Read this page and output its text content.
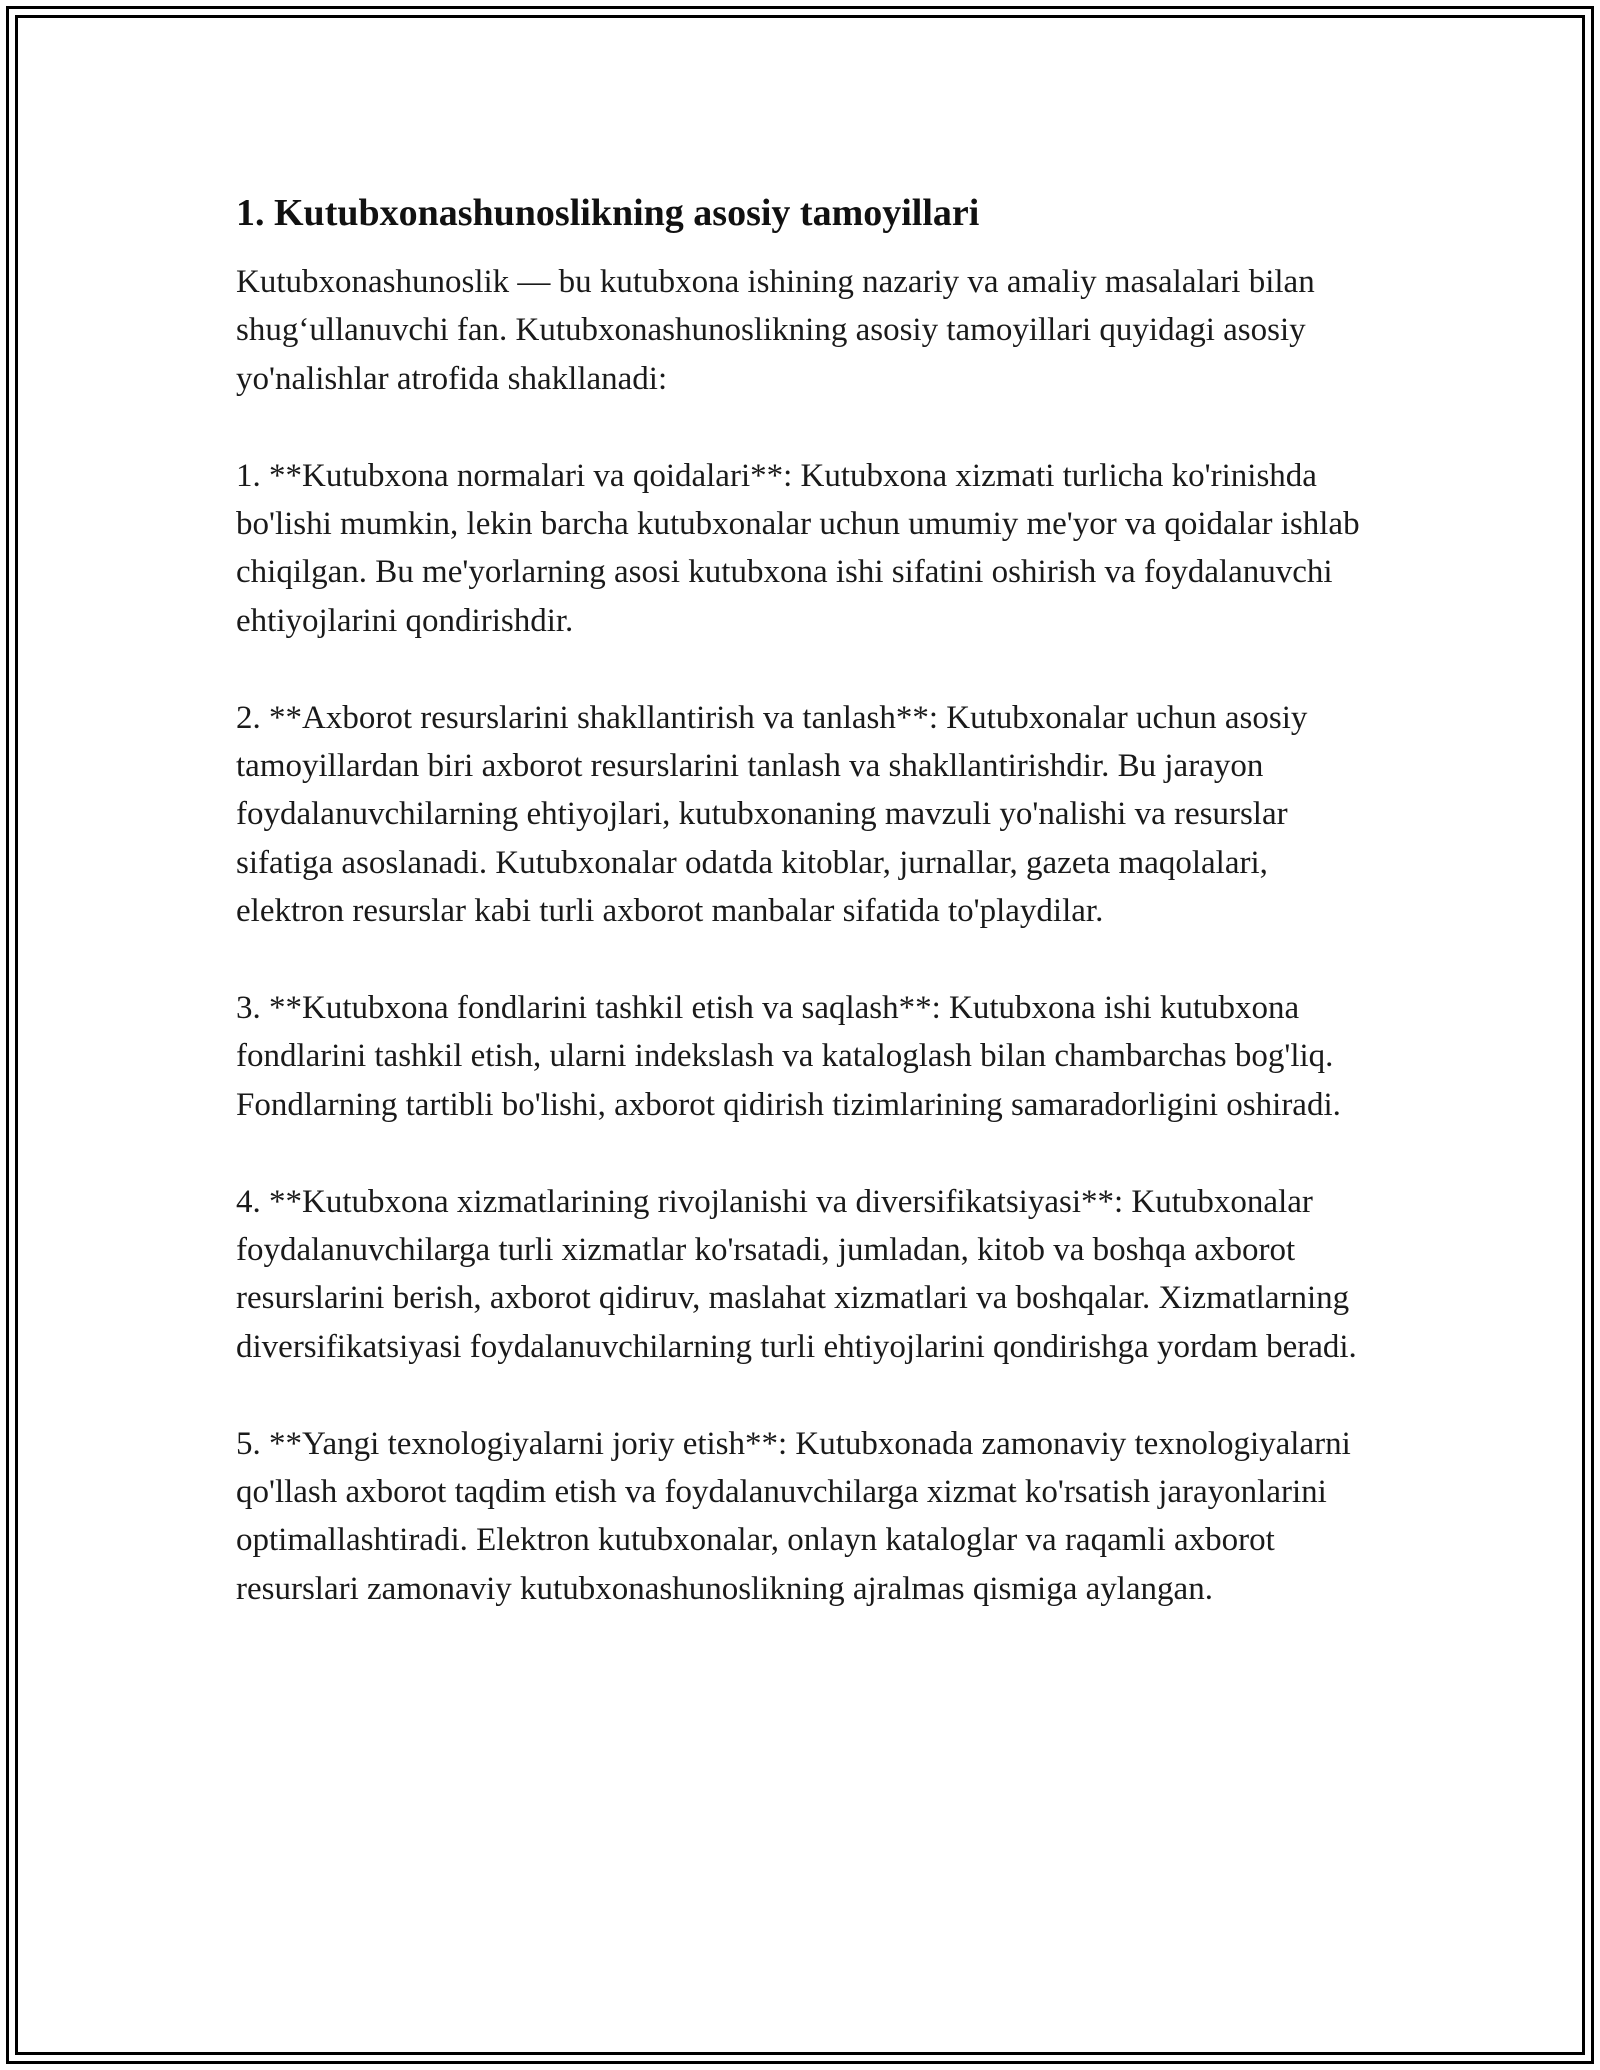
1. Kutubxonashunoslikning asosiy tamoyillari

Kutubxonashunoslik — bu kutubxona ishining nazariy va amaliy masalalari bilan shug‘ullanuvchi fan. Kutubxonashunoslikning asosiy tamoyillari quyidagi asosiy yo'nalishlar atrofida shakllanadi:

1. **Kutubxona normalari va qoidalari**: Kutubxona xizmati turlicha ko'rinishda bo'lishi mumkin, lekin barcha kutubxonalar uchun umumiy me'yor va qoidalar ishlab chiqilgan. Bu me'yorlarning asosi kutubxona ishi sifatini oshirish va foydalanuvchi ehtiyojlarini qondirishdir.

2. **Axborot resurslarini shakllantirish va tanlash**: Kutubxonalar uchun asosiy tamoyillardan biri axborot resurslarini tanlash va shakllantirishdir. Bu jarayon foydalanuvchilarning ehtiyojlari, kutubxonaning mavzuli yo'nalishi va resurslar sifatiga asoslanadi. Kutubxonalar odatda kitoblar, jurnallar, gazeta maqolalari, elektron resurslar kabi turli axborot manbalar sifatida to'playdilar.

3. **Kutubxona fondlarini tashkil etish va saqlash**: Kutubxona ishi kutubxona fondlarini tashkil etish, ularni indekslash va kataloglash bilan chambarchas bog'liq. Fondlarning tartibli bo'lishi, axborot qidirish tizimlarining samaradorligini oshiradi.

4. **Kutubxona xizmatlarining rivojlanishi va diversifikatsiyasi**: Kutubxonalar foydalanuvchilarga turli xizmatlar ko'rsatadi, jumladan, kitob va boshqa axborot resurslarini berish, axborot qidiruv, maslahat xizmatlari va boshqalar. Xizmatlarning diversifikatsiyasi foydalanuvchilarning turli ehtiyojlarini qondirishga yordam beradi.

5. **Yangi texnologiyalarni joriy etish**: Kutubxonada zamonaviy texnologiyalarni qo'llash axborot taqdim etish va foydalanuvchilarga xizmat ko'rsatish jarayonlarini optimallashtiradi. Elektron kutubxonalar, onlayn kataloglar va raqamli axborot resurslari zamonaviy kutubxonashunoslikning ajralmas qismiga aylangan.
